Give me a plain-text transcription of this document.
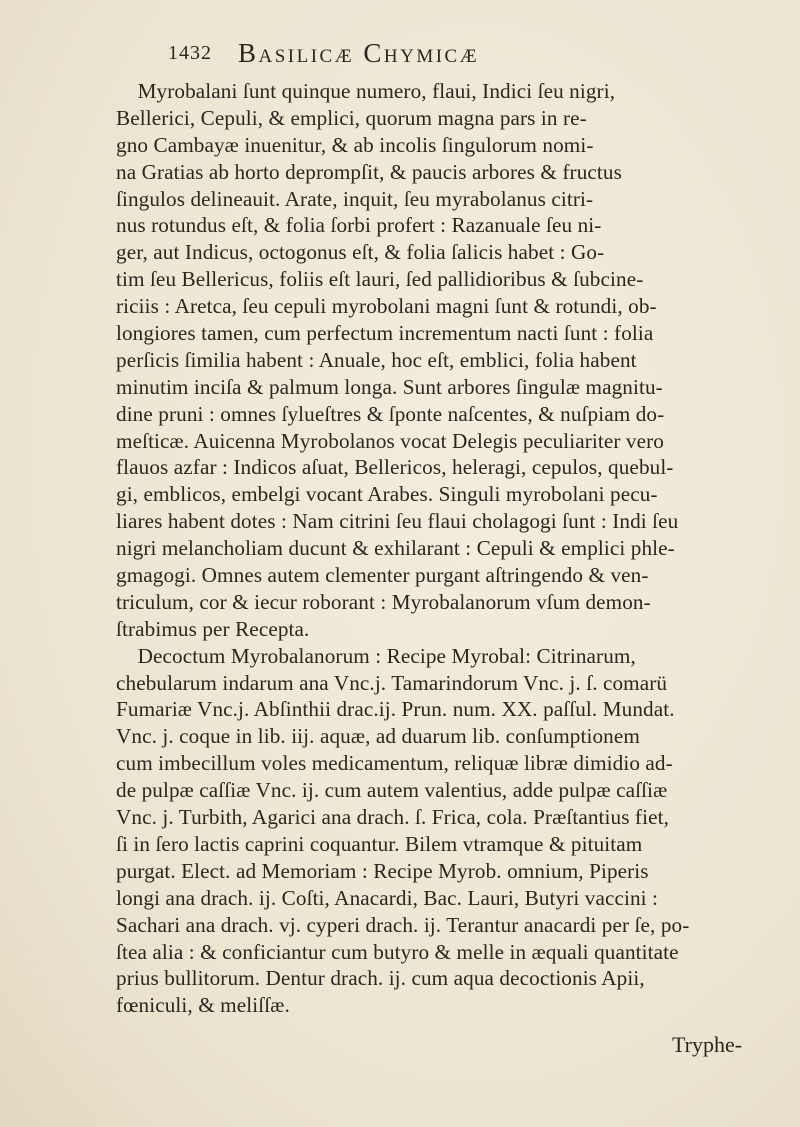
1432 Basilicæ Chymicæ
Myrobalani ſunt quinque numero, flaui, Indici ſeu nigri,
Bellerici, Cepuli, & emplici, quorum magna pars in re-
gno Cambayæ inuenitur, & ab incolis ſingulorum nomi-
na Gratias ab horto deprompſit, & paucis arbores & fructus
ſingulos delineauit. Arate, inquit, ſeu myrabolanus citri-
nus rotundus eſt, & folia ſorbi profert : Razanuale ſeu ni-
ger, aut Indicus, octogonus eſt, & folia ſalicis habet : Go-
tim ſeu Bellericus, foliis eſt lauri, ſed pallidioribus & ſubcine-
riciis : Aretca, ſeu cepuli myrobolani magni ſunt & rotundi, ob-
longiores tamen, cum perfectum incrementum nacti ſunt : folia
perſicis ſimilia habent : Anuale, hoc eſt, emblici, folia habent
minutim inciſa & palmum longa. Sunt arbores ſingulæ magnitu-
dine pruni : omnes ſylueſtres & ſponte naſcentes, & nuſpiam do-
meſticæ. Auicenna Myrobolanos vocat Delegis peculiariter vero
flauos azfar : Indicos aſuat, Bellericos, heleragi, cepulos, quebul-
gi, emblicos, embelgi vocant Arabes. Singuli myrobolani pecu-
liares habent dotes : Nam citrini ſeu flaui cholagogi ſunt : Indi ſeu
nigri melancholiam ducunt & exhilarant : Cepuli & emplici phle-
gmagogi. Omnes autem clementer purgant aſtringendo & ven-
triculum, cor & iecur roborant : Myrobalanorum vſum demon-
ſtrabimus per Recepta.
Decoctum Myrobalanorum : Recipe Myrobal: Citrinarum,
chebularum indarum ana Vnc.j. Tamarindorum Vnc. j. ſ. comarü
Fumariæ Vnc.j. Abſinthii drac.ij. Prun. num. XX. paſſul. Mundat.
Vnc. j. coque in lib. iij. aquæ, ad duarum lib. conſumptionem
cum imbecillum voles medicamentum, reliquæ libræ dimidio ad-
de pulpæ caſſiæ Vnc. ij. cum autem valentius, adde pulpæ caſſiæ
Vnc. j. Turbith, Agarici ana drach. ſ. Frica, cola. Præſtantius fiet,
ſi in ſero lactis caprini coquantur. Bilem vtramque & pituitam
purgat. Elect. ad Memoriam : Recipe Myrob. omnium, Piperis
longi ana drach. ij. Coſti, Anacardi, Bac. Lauri, Butyri vaccini :
Sachari ana drach. vj. cyperi drach. ij. Terantur anacardi per ſe, po-
ſtea alia : & conficiantur cum butyro & melle in æquali quantitate
prius bullitorum. Dentur drach. ij. cum aqua decoctionis Apii,
fœniculi, & meliſſæ.
Tryphe-
